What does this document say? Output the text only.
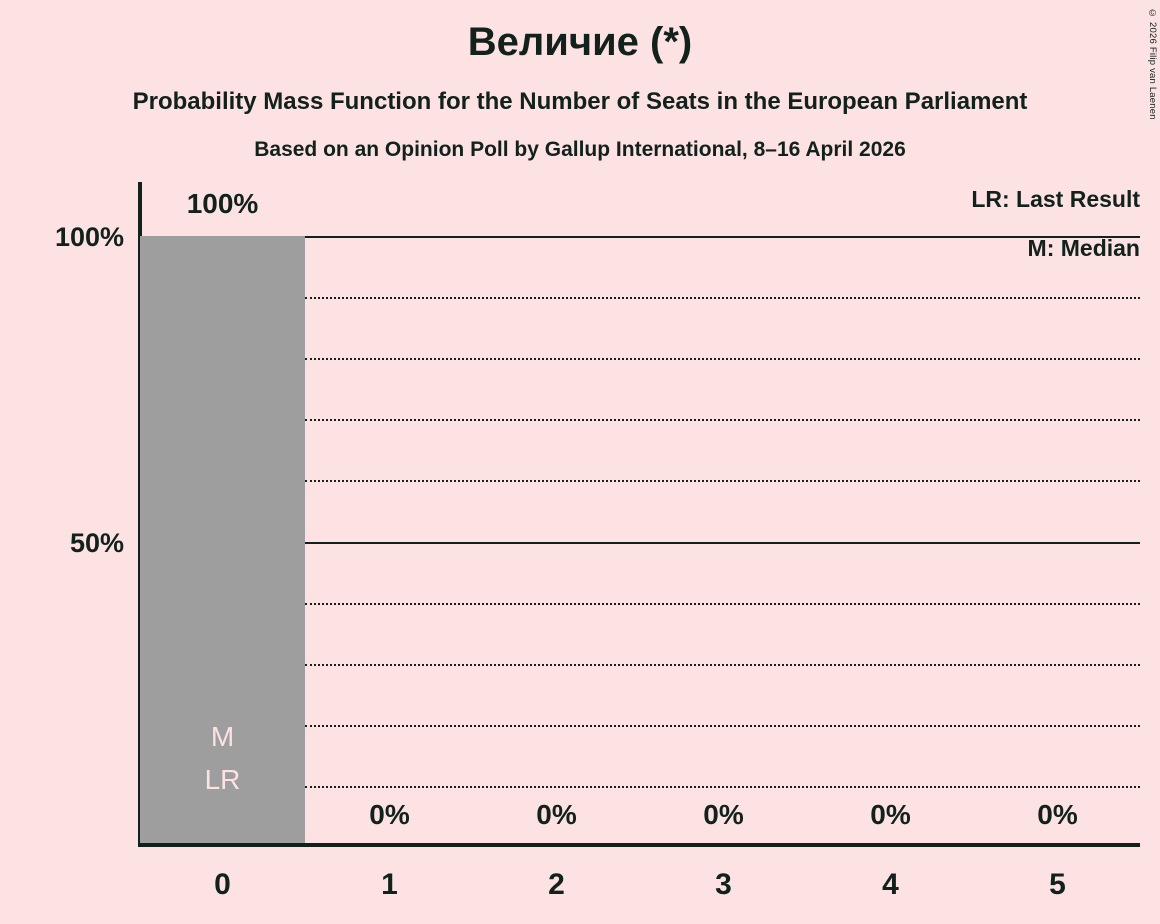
Величие (*)
Probability Mass Function for the Number of Seats in the European Parliament
Based on an Opinion Poll by Gallup International, 8–16 April 2026
© 2026 Filip van Laenen
LR: Last Result
M: Median
100%
50%
M
LR
100%
0%	0%	0%	0%	0%
0	1	2	3	4	5
